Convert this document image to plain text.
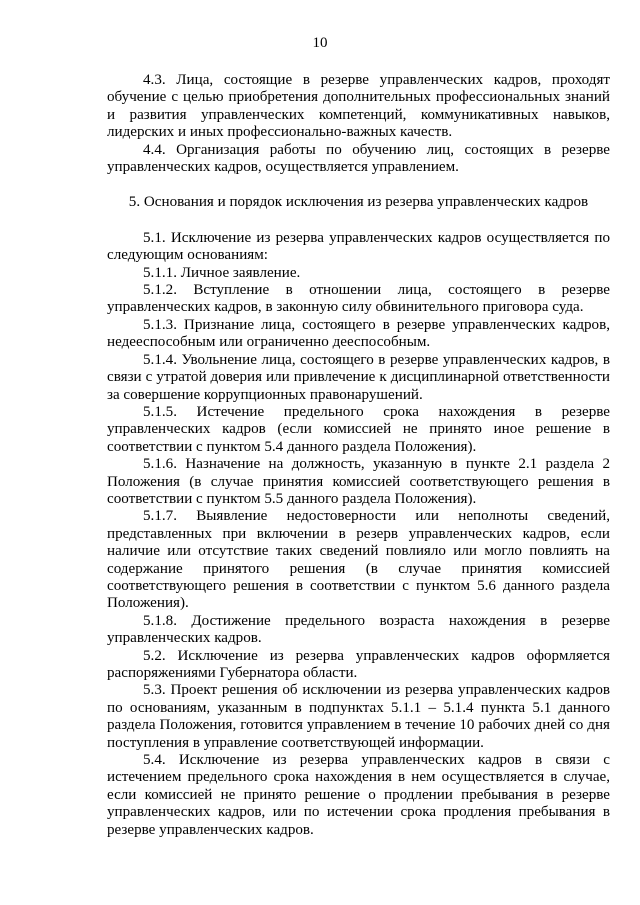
10

4.3. Лица, состоящие в резерве управленческих кадров, проходят обучение с целью приобретения дополнительных профессиональных знаний и развития управленческих компетенций, коммуникативных навыков, лидерских и иных профессионально-важных качеств.

4.4. Организация работы по обучению лиц, состоящих в резерве управленческих кадров, осуществляется управлением.

5. Основания и порядок исключения из резерва управленческих кадров

5.1. Исключение из резерва управленческих кадров осуществляется по следующим основаниям:

5.1.1. Личное заявление.

5.1.2. Вступление в отношении лица, состоящего в резерве управленческих кадров, в законную силу обвинительного приговора суда.

5.1.3. Признание лица, состоящего в резерве управленческих кадров, недееспособным или ограниченно дееспособным.

5.1.4. Увольнение лица, состоящего в резерве управленческих кадров, в связи с утратой доверия или привлечение к дисциплинарной ответственности за совершение коррупционных правонарушений.

5.1.5. Истечение предельного срока нахождения в резерве управленческих кадров (если комиссией не принято иное решение в соответствии с пунктом 5.4 данного раздела Положения).

5.1.6. Назначение на должность, указанную в пункте 2.1 раздела 2 Положения (в случае принятия комиссией соответствующего решения в соответствии с пунктом 5.5 данного раздела Положения).

5.1.7. Выявление недостоверности или неполноты сведений, представленных при включении в резерв управленческих кадров, если наличие или отсутствие таких сведений повлияло или могло повлиять на содержание принятого решения (в случае принятия комиссией соответствующего решения в соответствии с пунктом 5.6 данного раздела Положения).

5.1.8. Достижение предельного возраста нахождения в резерве управленческих кадров.

5.2. Исключение из резерва управленческих кадров оформляется распоряжениями Губернатора области.

5.3. Проект решения об исключении из резерва управленческих кадров по основаниям, указанным в подпунктах 5.1.1 – 5.1.4 пункта 5.1 данного раздела Положения, готовится управлением в течение 10 рабочих дней со дня поступления в управление соответствующей информации.

5.4. Исключение из резерва управленческих кадров в связи с истечением предельного срока нахождения в нем осуществляется в случае, если комиссией не принято решение о продлении пребывания в резерве управленческих кадров, или по истечении срока продления пребывания в резерве управленческих кадров.
